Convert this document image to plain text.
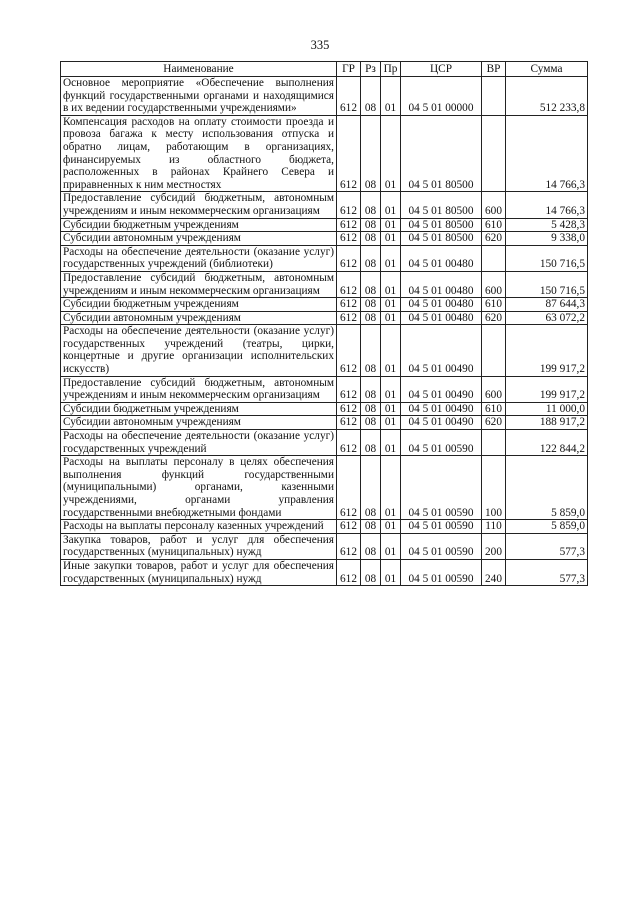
335
Наименование	ГР	Рз	Пр	ЦСР	ВР	Сумма
Основное мероприятие «Обеспечение выполнения функций государственными органами и находящимися в их ведении государственными учреждениями»	612	08	01	04 5 01 00000		512 233,8
Компенсация расходов на оплату стоимости проезда и провоза багажа к месту использования отпуска и обратно лицам, работающим в организациях, финансируемых из областного бюджета, расположенных в районах Крайнего Севера и приравненных к ним местностях	612	08	01	04 5 01 80500		14 766,3
Предоставление субсидий бюджетным, автономным учреждениям и иным некоммерческим организациям	612	08	01	04 5 01 80500	600	14 766,3
Субсидии бюджетным учреждениям	612	08	01	04 5 01 80500	610	5 428,3
Субсидии автономным учреждениям	612	08	01	04 5 01 80500	620	9 338,0
Расходы на обеспечение деятельности (оказание услуг) государственных учреждений (библиотеки)	612	08	01	04 5 01 00480		150 716,5
Предоставление субсидий бюджетным, автономным учреждениям и иным некоммерческим организациям	612	08	01	04 5 01 00480	600	150 716,5
Субсидии бюджетным учреждениям	612	08	01	04 5 01 00480	610	87 644,3
Субсидии автономным учреждениям	612	08	01	04 5 01 00480	620	63 072,2
Расходы на обеспечение деятельности (оказание услуг) государственных учреждений (театры, цирки, концертные и другие организации исполнительских искусств)	612	08	01	04 5 01 00490		199 917,2
Предоставление субсидий бюджетным, автономным учреждениям и иным некоммерческим организациям	612	08	01	04 5 01 00490	600	199 917,2
Субсидии бюджетным учреждениям	612	08	01	04 5 01 00490	610	11 000,0
Субсидии автономным учреждениям	612	08	01	04 5 01 00490	620	188 917,2
Расходы на обеспечение деятельности (оказание услуг) государственных учреждений	612	08	01	04 5 01 00590		122 844,2
Расходы на выплаты персоналу в целях обеспечения выполнения функций государственными (муниципальными) органами, казенными учреждениями, органами управления государственными внебюджетными фондами	612	08	01	04 5 01 00590	100	5 859,0
Расходы на выплаты персоналу казенных учреждений	612	08	01	04 5 01 00590	110	5 859,0
Закупка товаров, работ и услуг для обеспечения государственных (муниципальных) нужд	612	08	01	04 5 01 00590	200	577,3
Иные закупки товаров, работ и услуг для обеспечения государственных (муниципальных) нужд	612	08	01	04 5 01 00590	240	577,3
